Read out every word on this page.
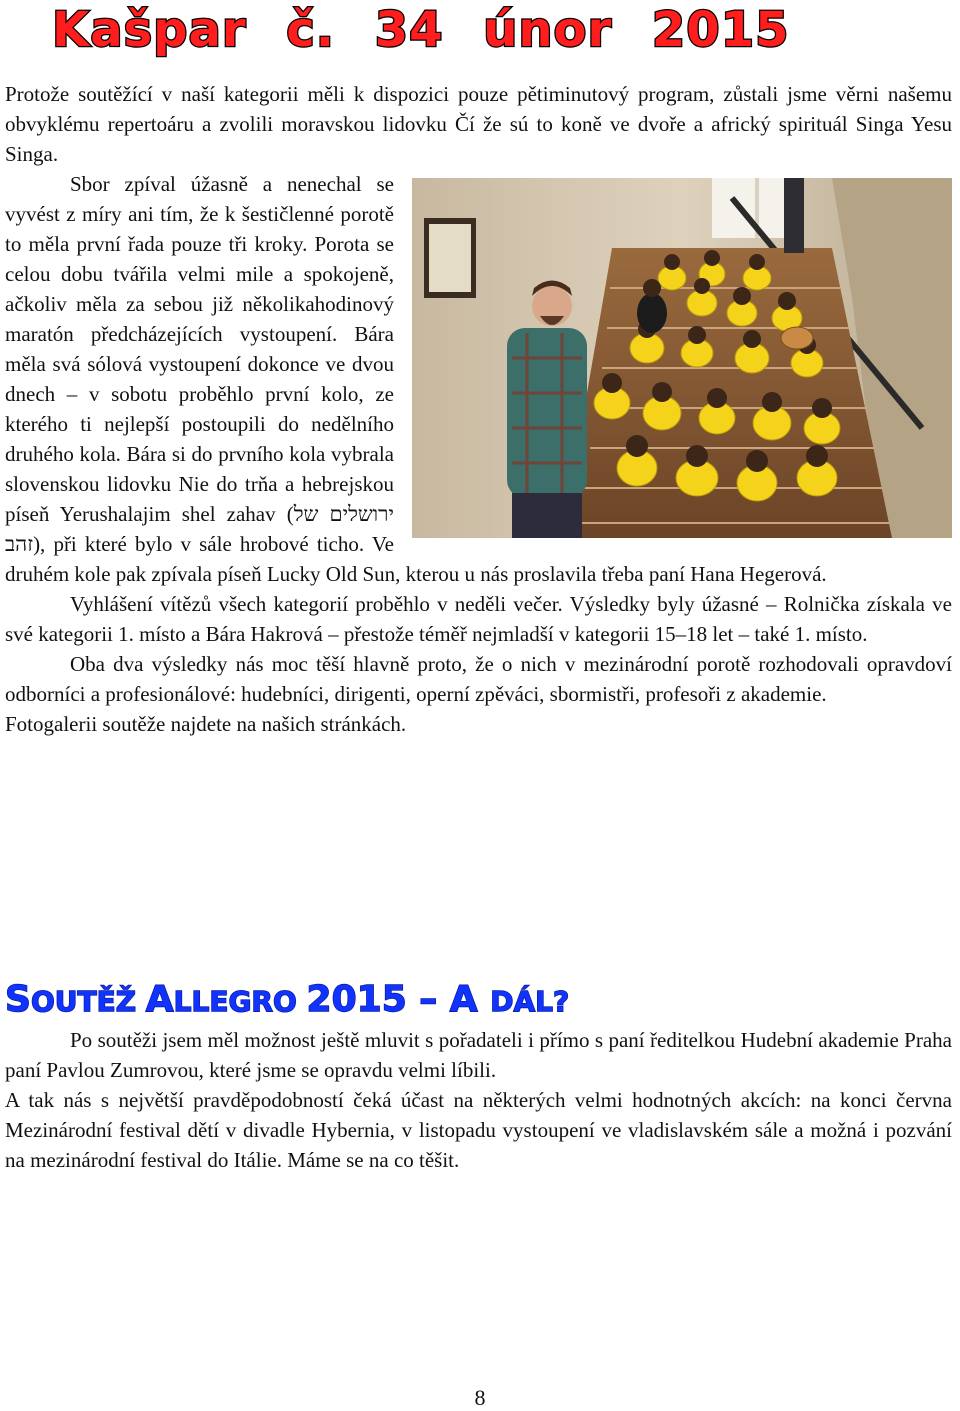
Kašpar č. 34 únor 2015

Protože soutěžící v naší kategorii měli k dispozici pouze pětiminutový program, zůstali jsme věrni našemu obvyklému repertoáru a zvolili moravskou lidovku Čí že sú to koně ve dvoře a africký spirituál Singa Yesu Singa.

Sbor zpíval úžasně a nenechal se vyvést z míry ani tím, že k šestičlenné porotě to měla první řada pouze tři kroky. Porota se celou dobu tvářila velmi mile a spokojeně, ačkoliv měla za sebou již několikahodinový maratón předcházejících vystoupení. Bára měla svá sólová vystoupení dokonce ve dvou dnech – v sobotu proběhlo první kolo, ze kterého ti nejlepší postoupili do nedělního druhého kola. Bára si do prvního kola vybrala slovenskou lidovku Nie do trňa a hebrejskou píseň Yerushalajim shel zahav (ירושלים של זהב), při které bylo v sále hrobové ticho. Ve druhém kole pak zpívala píseň Lucky Old Sun, kterou u nás proslavila třeba paní Hana Hegerová.

Vyhlášení vítězů všech kategorií proběhlo v neděli večer. Výsledky byly úžasné – Rolnička získala ve své kategorii 1. místo a Bára Hakrová – přestože téměř nejmladší v kategorii 15–18 let – také 1. místo.

Oba dva výsledky nás moc těší hlavně proto, že o nich v mezinárodní porotě rozhodovali opravdoví odborníci a profesionálové: hudebníci, dirigenti, operní zpěváci, sbormistři, profesoři z akademie.

Fotogalerii soutěže najdete na našich stránkách.

SOUTĚŽ ALLEGRO 2015 – A DÁL?

Po soutěži jsem měl možnost ještě mluvit s pořadateli i přímo s paní ředitelkou Hudební akademie Praha paní Pavlou Zumrovou, které jsme se opravdu velmi líbili.

A tak nás s největší pravděpodobností čeká účast na některých velmi hodnotných akcích: na konci června Mezinárodní festival dětí v divadle Hybernia, v listopadu vystoupení ve vladislavském sále a možná i pozvání na mezinárodní festival do Itálie. Máme se na co těšit.

8
